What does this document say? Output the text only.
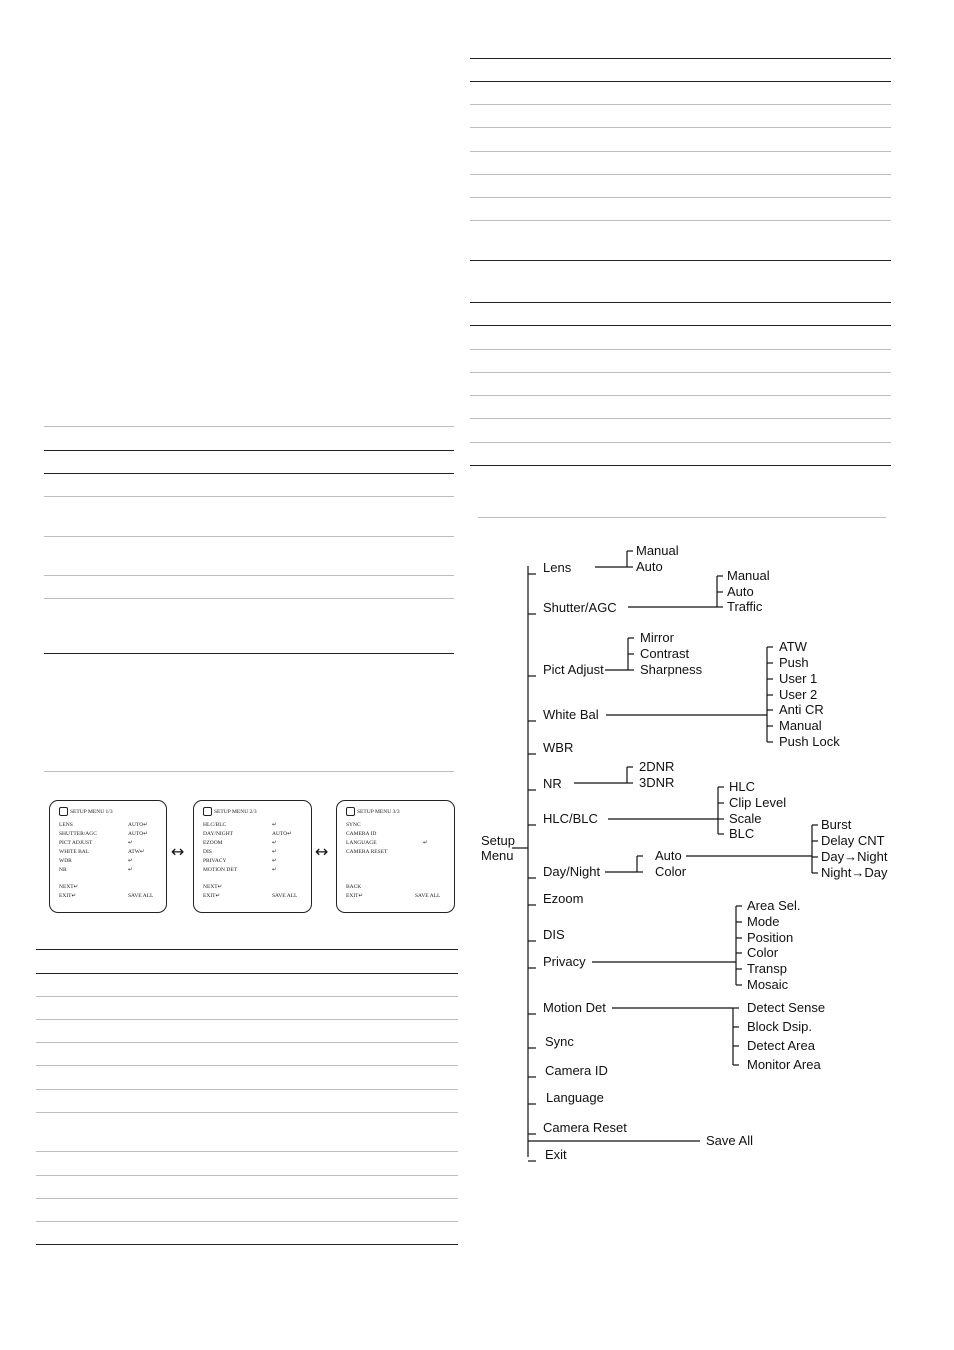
SETUP MENU 1/3
LENS
SHUTTER/AGC
PICT ADJUST
WHITE BAL
WDR
NR
NEXT↵
EXIT↵
AUTO↵
AUTO↵
↵
ATW↵
↵
↵
SAVE ALL
SETUP MENU 2/3
HLC/BLC
DAY/NIGHT
EZOOM
DIS
PRIVACY
MOTION DET
NEXT↵
EXIT↵
↵
AUTO↵
↵
↵
↵
↵
SAVE ALL
SETUP MENU 3/3
SYNC
CAMERA ID
LANGUAGE
CAMERA RESET
BACK
EXIT↵
↵
SAVE ALL
↔	↔
Setup
Menu
Lens
Shutter/AGC
Pict Adjust
White Bal
WBR
NR
HLC/BLC
Day/Night
Ezoom
DIS
Privacy
Motion Det
Sync
Camera ID
Language
Camera Reset
Exit
Save All
Manual
Auto
Manual
Auto
Traffic
Mirror
Contrast
Sharpness
ATW
Push
User 1
User 2
Anti CR
Manual
Push Lock
2DNR
3DNR	HLC
Clip Level
Scale
BLC
Auto
Color
Burst
Delay CNT
Day→Night
Night→Day
Area Sel.
Mode
Position
Color
Transp
Mosaic
Detect Sense
Block Dsip.
Detect Area
Monitor Area
